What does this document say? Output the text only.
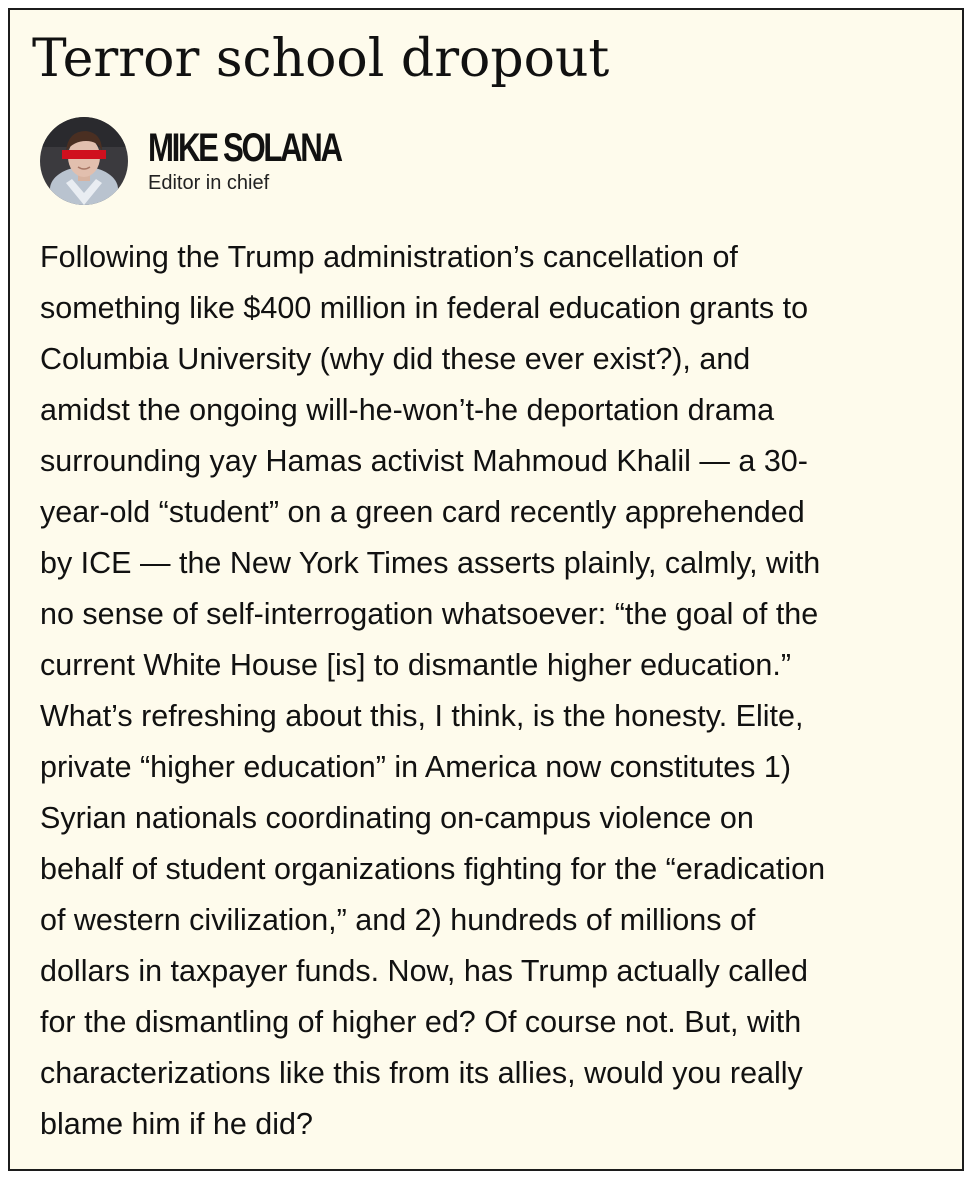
Terror school dropout
MIKE SOLANA
Editor in chief

Following the Trump administration’s cancellation of
something like $400 million in federal education grants to
Columbia University (why did these ever exist?), and
amidst the ongoing will-he-won’t-he deportation drama
surrounding yay Hamas activist Mahmoud Khalil — a 30-
year-old “student” on a green card recently apprehended
by ICE — the New York Times asserts plainly, calmly, with
no sense of self-interrogation whatsoever: “the goal of the
current White House [is] to dismantle higher education.”
What’s refreshing about this, I think, is the honesty. Elite,
private “higher education” in America now constitutes 1)
Syrian nationals coordinating on-campus violence on
behalf of student organizations fighting for the “eradication
of western civilization,” and 2) hundreds of millions of
dollars in taxpayer funds. Now, has Trump actually called
for the dismantling of higher ed? Of course not. But, with
characterizations like this from its allies, would you really
blame him if he did?
